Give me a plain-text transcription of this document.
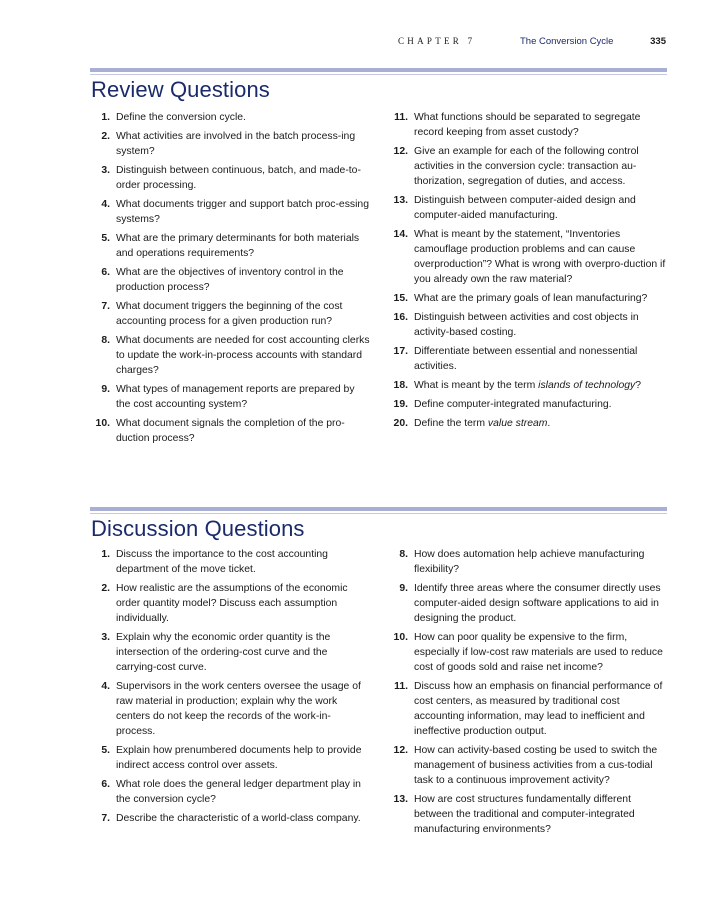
CHAPTER 7	The Conversion Cycle	335
Review Questions
1. Define the conversion cycle.
2. What activities are involved in the batch process-ing system?
3. Distinguish between continuous, batch, and made-to-order processing.
4. What documents trigger and support batch proc-essing systems?
5. What are the primary determinants for both materials and operations requirements?
6. What are the objectives of inventory control in the production process?
7. What document triggers the beginning of the cost accounting process for a given production run?
8. What documents are needed for cost accounting clerks to update the work-in-process accounts with standard charges?
9. What types of management reports are prepared by the cost accounting system?
10. What document signals the completion of the pro-duction process?
11. What functions should be separated to segregate record keeping from asset custody?
12. Give an example for each of the following control activities in the conversion cycle: transaction au-thorization, segregation of duties, and access.
13. Distinguish between computer-aided design and computer-aided manufacturing.
14. What is meant by the statement, “Inventories camouflage production problems and can cause overproduction”? What is wrong with overpro-duction if you already own the raw material?
15. What are the primary goals of lean manufacturing?
16. Distinguish between activities and cost objects in activity-based costing.
17. Differentiate between essential and nonessential activities.
18. What is meant by the term islands of technology?
19. Define computer-integrated manufacturing.
20. Define the term value stream.
Discussion Questions
1. Discuss the importance to the cost accounting department of the move ticket.
2. How realistic are the assumptions of the economic order quantity model? Discuss each assumption individually.
3. Explain why the economic order quantity is the intersection of the ordering-cost curve and the carrying-cost curve.
4. Supervisors in the work centers oversee the usage of raw material in production; explain why the work centers do not keep the records of the work-in-process.
5. Explain how prenumbered documents help to provide indirect access control over assets.
6. What role does the general ledger department play in the conversion cycle?
7. Describe the characteristic of a world-class company.
8. How does automation help achieve manufacturing flexibility?
9. Identify three areas where the consumer directly uses computer-aided design software applications to aid in designing the product.
10. How can poor quality be expensive to the firm, especially if low-cost raw materials are used to reduce cost of goods sold and raise net income?
11. Discuss how an emphasis on financial performance of cost centers, as measured by traditional cost accounting information, may lead to inefficient and ineffective production output.
12. How can activity-based costing be used to switch the management of business activities from a cus-todial task to a continuous improvement activity?
13. How are cost structures fundamentally different between the traditional and computer-integrated manufacturing environments?
